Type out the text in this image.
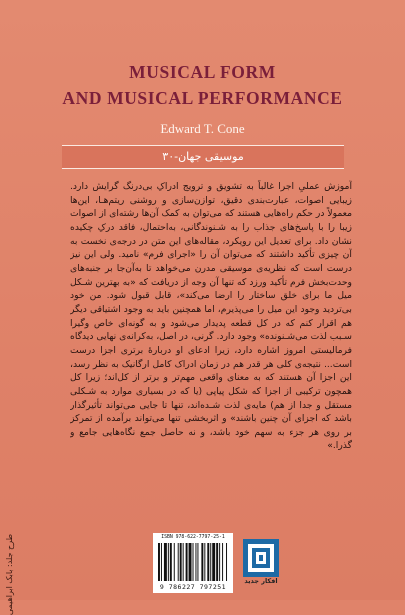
MUSICAL FORM
AND MUSICAL PERFORMANCE
Edward T. Cone
موسیقی جهان-۳۰

آموزش عملیِ اجرا غالباً به تشویق و ترویج ادراکِ بی‌درنگ گرایش دارد. زیبایی اصوات، عبارت‌بندی دقیق، توازن‌سازی و روشنی ریتم‌هـا، این‌ها معمولاً در حکم راه‌هایی هستند که می‌توان به کمک آن‌ها رشته‌ای از اصوات زیبا را با پاسخ‌های جذاب را به شـنوندگانی، به‌احتمال، فاقد درکِ چکیده نشان داد. برای تعدیل این رویکرد، مقاله‌های این متن در درجه‌ی نخست به آن چیزی تأکید داشتند که می‌توان آن را «اجرای فرم» نامید. ولی این نیز درست است که نظریه‌ی موسیقی مدرن می‌خواهد تا به‌آن‌جا بر جنبه‌های وحدت‌بخش فرم تأکید ورزد که تنها آن وجه از دریافت که «به بهترین شـکل میل ما برای خلق ساختار را ارضا می‌کند»، قابل قبول شود. من خود بی‌تردید وجود این میل را می‌پذیرم، اما همچنین باید به وجود اشتیاقی دیگر هم اقرار کنم که در کل قطعه پدیدار می‌شود و به گونه‌ای خاص وگیرا سـبب لذت می‌شـنونده» وجود دارد. گرنی، در اصل، به‌کرانه‌ی نهایی دیدگاه فرمالیستی امروز اشاره دارد، زیرا ادعای او دربارهٔ برتری اجزا درست است... نتیجه‌ی کلی هر قدر هم در زمان ادراک کامل ارگانیک به نظر رسد، این اجزا آن هستند که به معنای واقعی مهم‌تر و برتر از کل‌اند؛ زیرا کل همچون ترکیبی از اجزا که شکل پیاپی (یا که در بسیاری موارد به شـکلی مستقل و جدا از هم) مایه‌ی لذت شـده‌اند، تنها تا جایی می‌تواند تأثیرگذار باشد که اجزای آن چنین باشند» و اثربخشی تنها می‌تواند برآمده از تمرکز بر روی هر جزء به سهم خود باشد، و نه حاصل جمع نگاه‌هایی جامع و گذرا.»

طرح جلد: بابک ابراهیمی	ISBN 978-622-7797-25-1
9 786227 797251
افکار جدید
